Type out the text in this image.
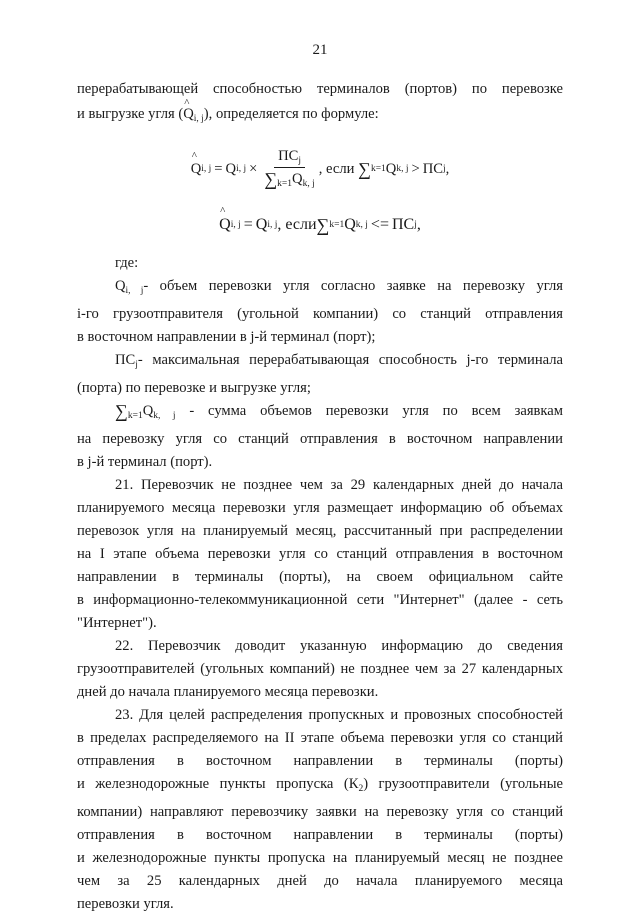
21

перерабатывающей способностью терминалов (портов) по перевозке

и выгрузке угля (^ $Q_{i, j}$), определяется по формуле:

^ Q i, j = Q i, $j \times \frac{ПС_j}{\sum_{k=1}Q_{k, j}}$ , если
∑ k=1 Q k, j > ПС j ,
^ Q i, j = Q i, j , если ∑ k=1 Q k, j <= ПС j ,

где:

$Q_{i, j}-$ объем перевозки угля согласно заявке на перевозку угля

i-го грузоотправителя (угольной компании) со станций отправления

в восточном направлении в j-й терминал (порт);

$ПС_j-$ максимальная перерабатывающая способность j-го терминала

(порта) по перевозке и выгрузке угля;

$\sum_{k=1}Q_{k, j}$ - сумма объемов перевозки угля по всем заявкам

на перевозку угля со станций отправления в восточном направлении

в j-й терминал (порт).

21. Перевозчик не позднее чем за 29 календарных дней до начала

планируемого месяца перевозки угля размещает информацию об объемах

перевозок угля на планируемый месяц, рассчитанный при распределении

на I этапе объема перевозки угля со станций отправления в восточном

направлении в терминалы (порты), на своем официальном сайте

в информационно-телекоммуникационной сети "Интернет" (далее - сеть

"Интернет").

22. Перевозчик доводит указанную информацию до сведения

грузоотправителей (угольных компаний) не позднее чем за 27 календарных

дней до начала планируемого месяца перевозки.

23. Для целей распределения пропускных и провозных способностей

в пределах распределяемого на II этапе объема перевозки угля со станций

отправления в восточном направлении в терминалы (порты)

и железнодорожные пункты пропуска $(К_2)$ грузоотправители (угольные

компании) направляют перевозчику заявки на перевозку угля со станций

отправления в восточном направлении в терминалы (порты)

и железнодорожные пункты пропуска на планируемый месяц не позднее

чем за 25 календарных дней до начала планируемого месяца

перевозки угля.
